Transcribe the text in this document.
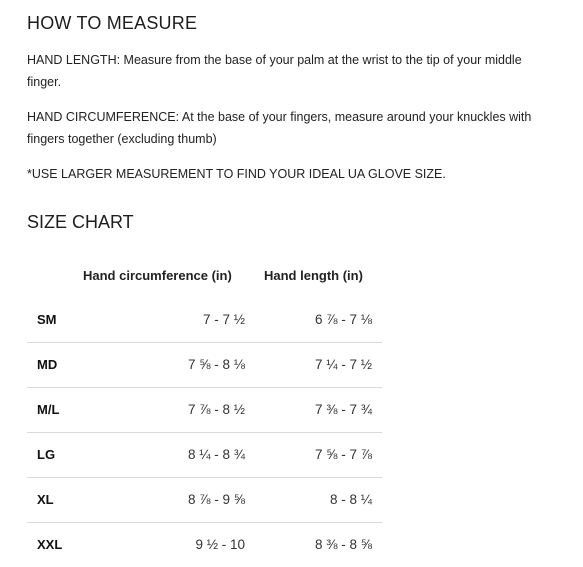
HOW TO MEASURE
HAND LENGTH: Measure from the base of your palm at the wrist to the tip of your middle finger.
HAND CIRCUMFERENCE: At the base of your fingers, measure around your knuckles with fingers together (excluding thumb)
*USE LARGER MEASUREMENT TO FIND YOUR IDEAL UA GLOVE SIZE.
SIZE CHART
Hand circumference (in) Hand length (in)
SM	7 - 7 ½	6 ⅞ - 7 ⅛
MD	7 ⅝ - 8 ⅛	7 ¼ - 7 ½
M/L	7 ⅞ - 8 ½	7 ⅜ - 7 ¾
LG	8 ¼ - 8 ¾	7 ⅝ - 7 ⅞
XL	8 ⅞ - 9 ⅝	8 - 8 ¼
XXL	9 ½ - 10	8 ⅜ - 8 ⅝
